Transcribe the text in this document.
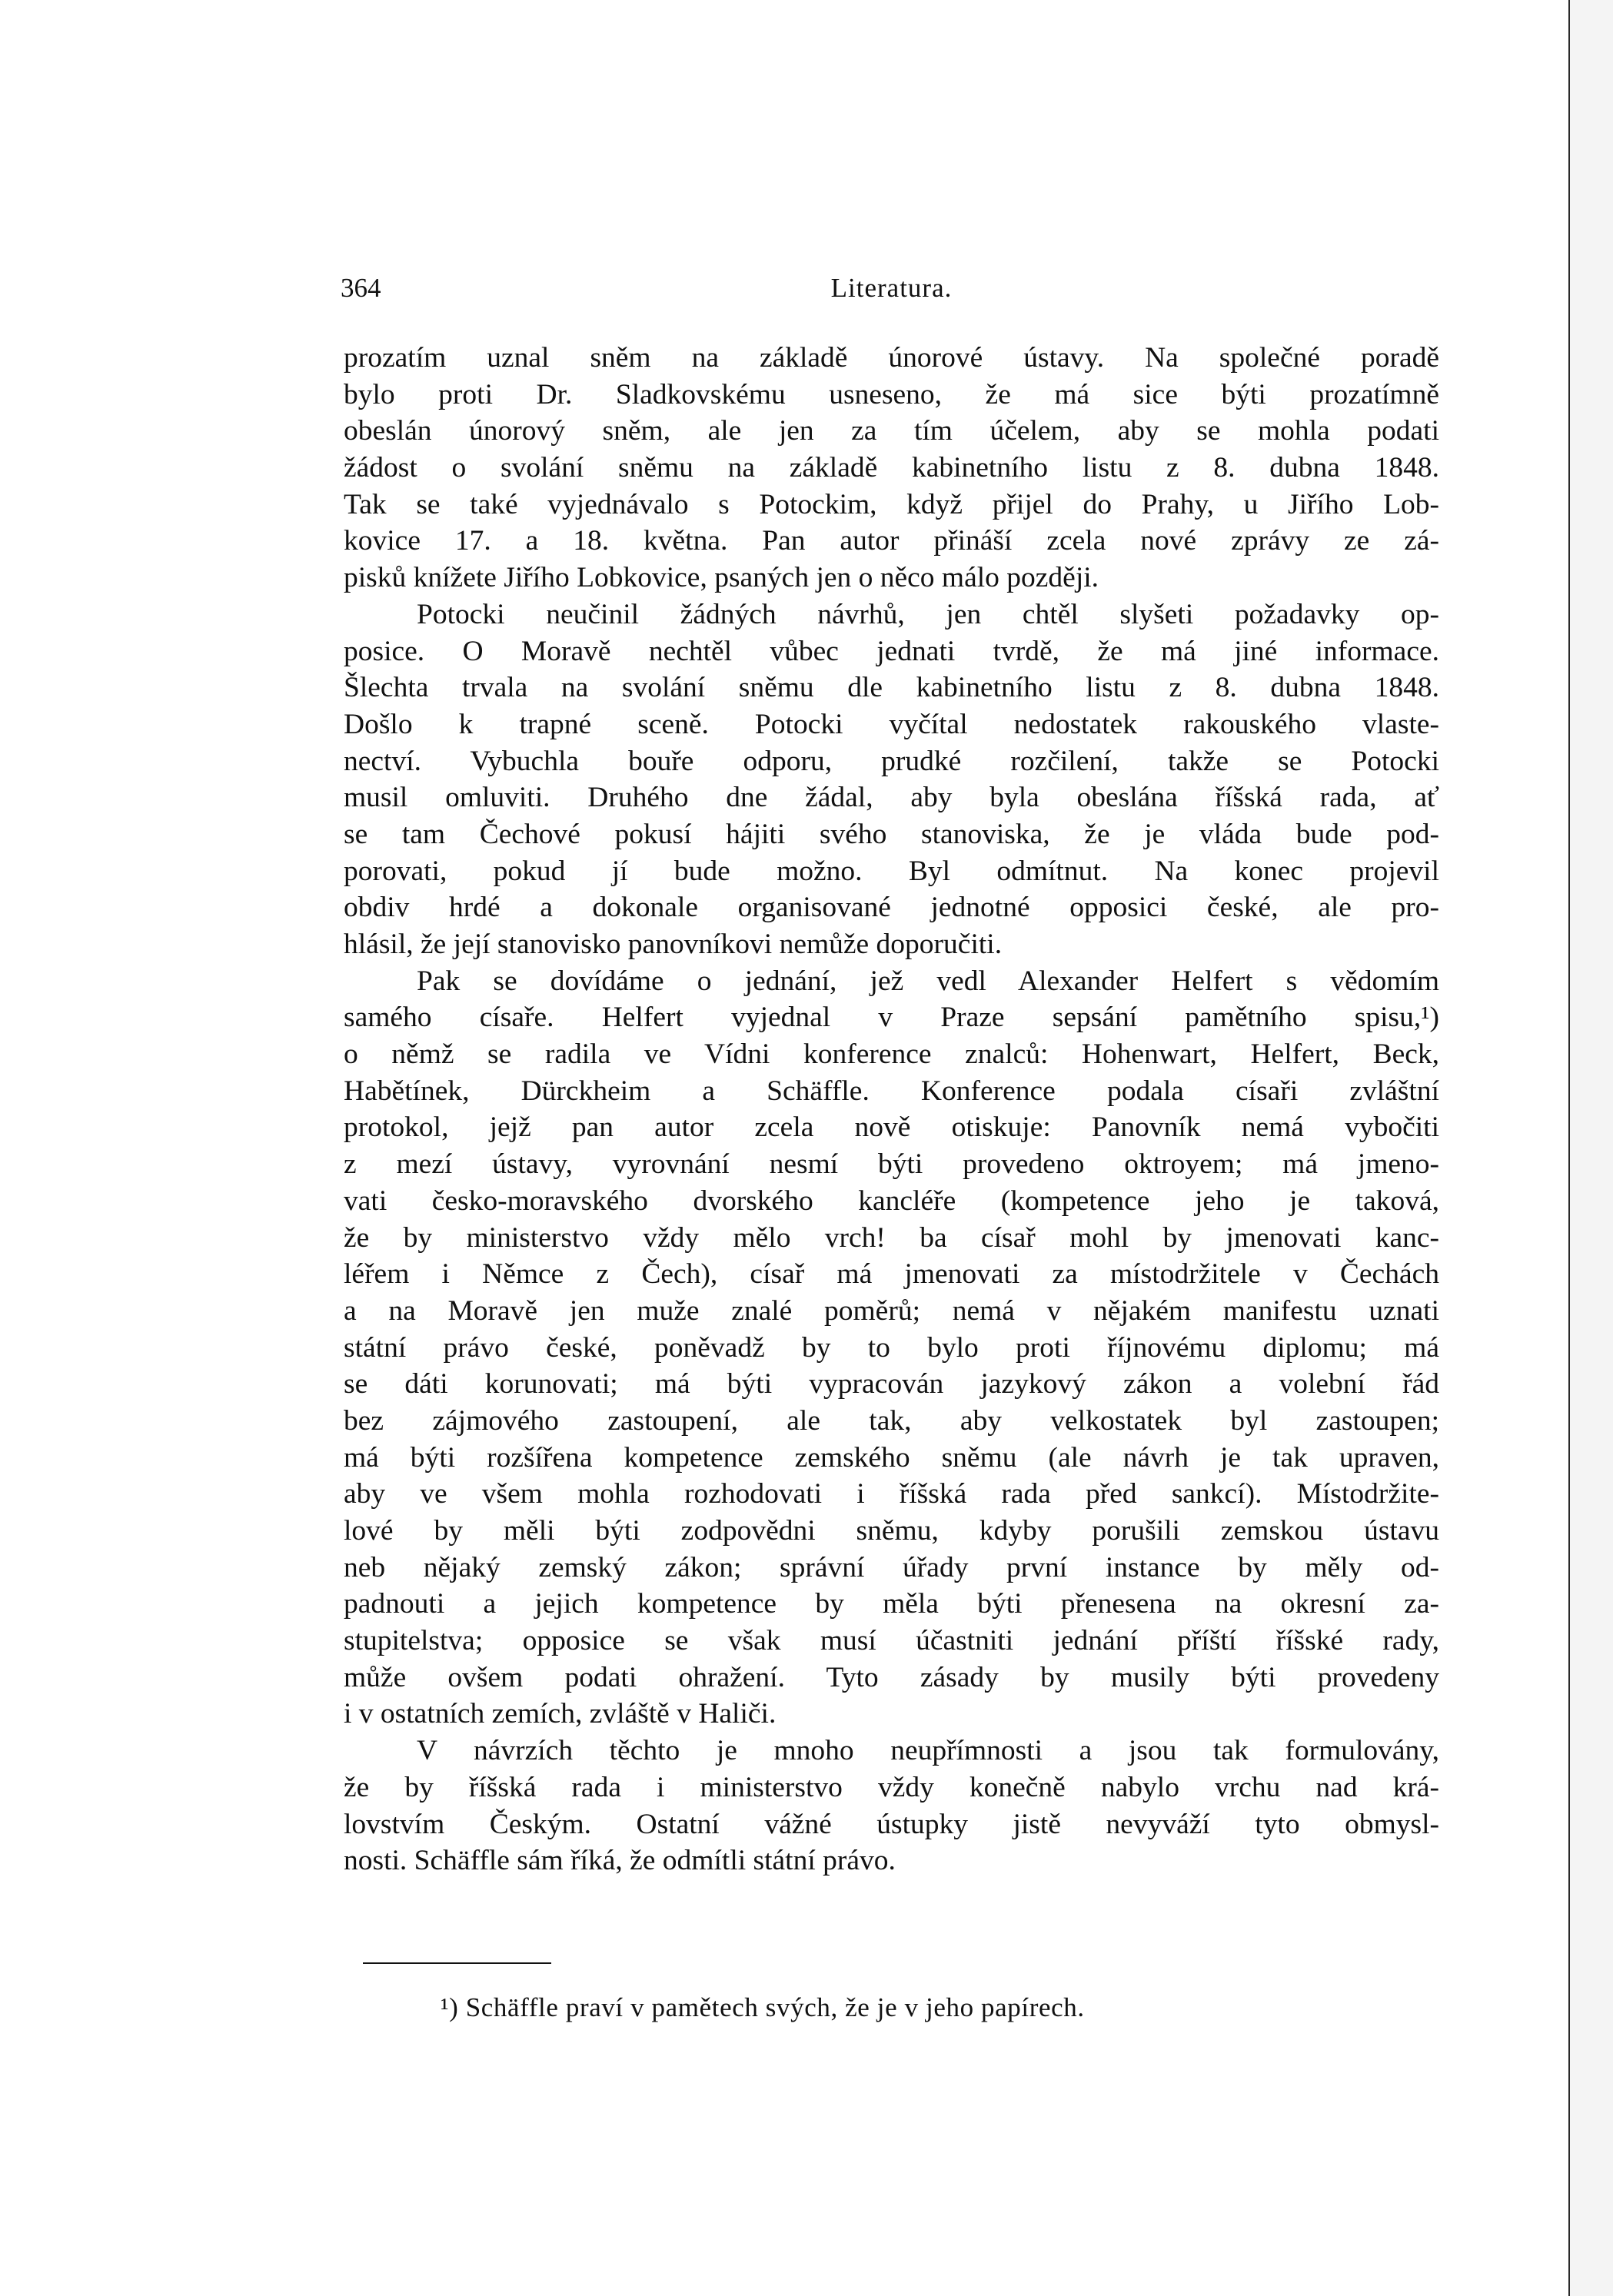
364	Literatura.
prozatím uznal sněm na základě únorové ústavy. Na společné poradě
bylo proti Dr. Sladkovskému usneseno, že má sice býti prozatímně
obeslán únorový sněm, ale jen za tím účelem, aby se mohla podati
žádost o svolání sněmu na základě kabinetního listu z 8. dubna 1848.
Tak se také vyjednávalo s Potockim, když přijel do Prahy, u Jiřího Lob-
kovice 17. a 18. května. Pan autor přináší zcela nové zprávy ze zá-
pisků knížete Jiřího Lobkovice, psaných jen o něco málo později.
Potocki neučinil žádných návrhů, jen chtěl slyšeti požadavky op-
posice. O Moravě nechtěl vůbec jednati tvrdě, že má jiné informace.
Šlechta trvala na svolání sněmu dle kabinetního listu z 8. dubna 1848.
Došlo k trapné sceně. Potocki vyčítal nedostatek rakouského vlaste-
nectví. Vybuchla bouře odporu, prudké rozčilení, takže se Potocki
musil omluviti. Druhého dne žádal, aby byla obeslána říšská rada, ať
se tam Čechové pokusí hájiti svého stanoviska, že je vláda bude pod-
porovati, pokud jí bude možno. Byl odmítnut. Na konec projevil
obdiv hrdé a dokonale organisované jednotné opposici české, ale pro-
hlásil, že její stanovisko panovníkovi nemůže doporučiti.
Pak se dovídáme o jednání, jež vedl Alexander Helfert s vědomím
samého císaře. Helfert vyjednal v Praze sepsání pamětního spisu,¹)
o němž se radila ve Vídni konference znalců: Hohenwart, Helfert, Beck,
Habětínek, Dürckheim a Schäffle. Konference podala císaři zvláštní
protokol, jejž pan autor zcela nově otiskuje: Panovník nemá vybočiti
z mezí ústavy, vyrovnání nesmí býti provedeno oktroyem; má jmeno-
vati česko-moravského dvorského kancléře (kompetence jeho je taková,
že by ministerstvo vždy mělo vrch! ba císař mohl by jmenovati kanc-
léřem i Němce z Čech), císař má jmenovati za místodržitele v Čechách
a na Moravě jen muže znalé poměrů; nemá v nějakém manifestu uznati
státní právo české, poněvadž by to bylo proti říjnovému diplomu; má
se dáti korunovati; má býti vypracován jazykový zákon a volební řád
bez zájmového zastoupení, ale tak, aby velkostatek byl zastoupen;
má býti rozšířena kompetence zemského sněmu (ale návrh je tak upraven,
aby ve všem mohla rozhodovati i říšská rada před sankcí). Místodržite-
lové by měli býti zodpovědni sněmu, kdyby porušili zemskou ústavu
neb nějaký zemský zákon; správní úřady první instance by měly od-
padnouti a jejich kompetence by měla býti přenesena na okresní za-
stupitelstva; opposice se však musí účastniti jednání příští říšské rady,
může ovšem podati ohražení. Tyto zásady by musily býti provedeny
i v ostatních zemích, zvláště v Haliči.
V návrzích těchto je mnoho neupřímnosti a jsou tak formulovány,
že by říšská rada i ministerstvo vždy konečně nabylo vrchu nad krá-
lovstvím Českým. Ostatní vážné ústupky jistě nevyváží tyto obmysl-
nosti. Schäffle sám říká, že odmítli státní právo.
¹) Schäffle praví v pamětech svých, že je v jeho papírech.
